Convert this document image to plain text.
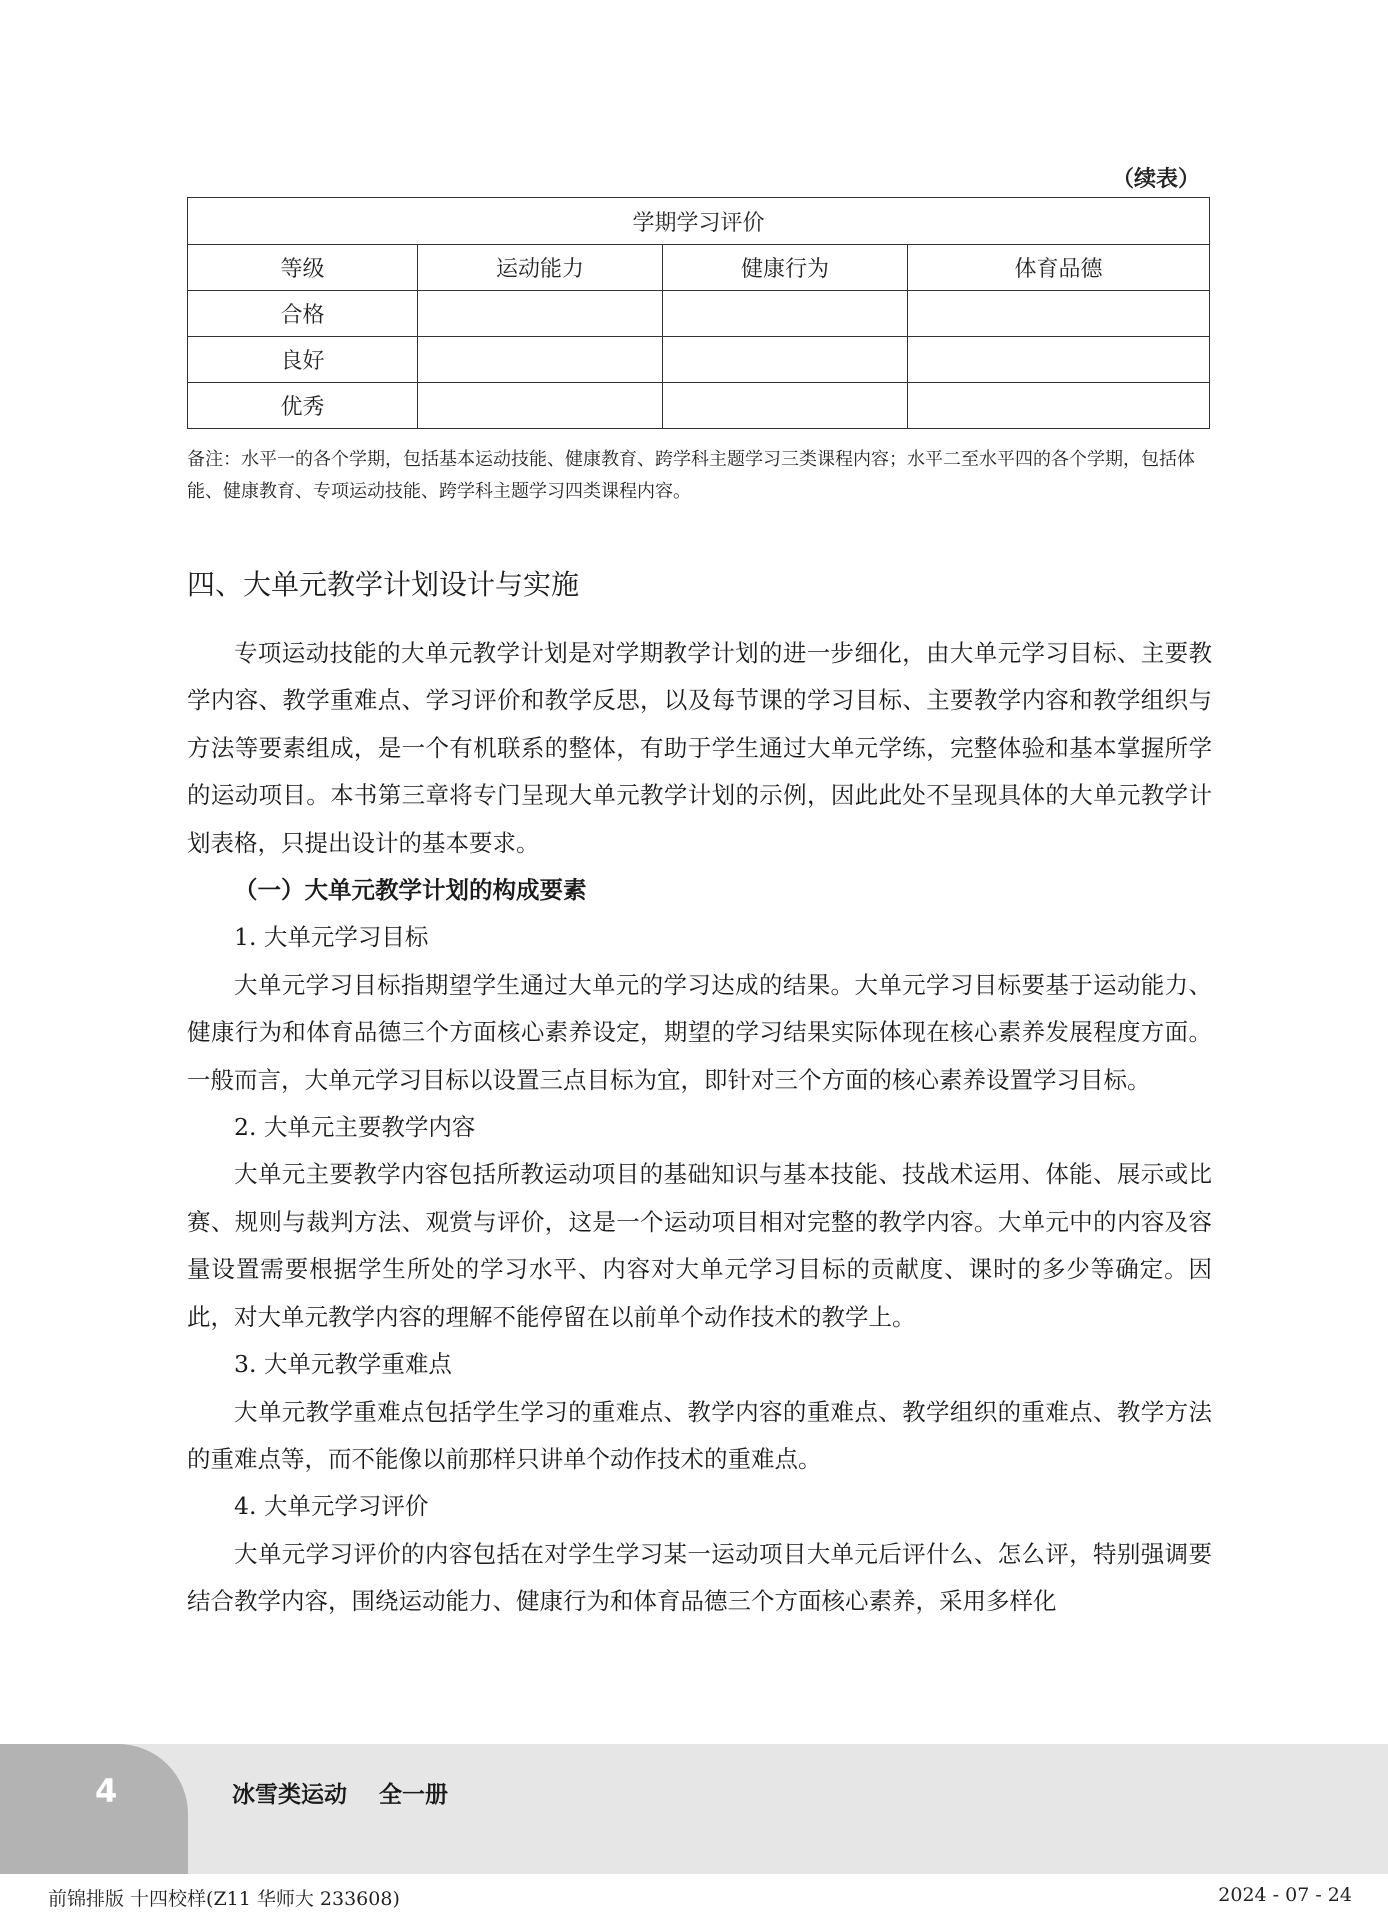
（续表）
学期学习评价			
等级	运动能力	健康行为	体育品德
合格			
良好			
优秀			
备注：水平一的各个学期，包括基本运动技能、健康教育、跨学科主题学习三类课程内容；水平二至水平四的各个学期，包括体能、健康教育、专项运动技能、跨学科主题学习四类课程内容。
四、大单元教学计划设计与实施

专项运动技能的大单元教学计划是对学期教学计划的进一步细化，由大单元学习目标、主要教学内容、教学重难点、学习评价和教学反思，以及每节课的学习目标、主要教学内容和教学组织与方法等要素组成，是一个有机联系的整体，有助于学生通过大单元学练，完整体验和基本掌握所学的运动项目。本书第三章将专门呈现大单元教学计划的示例，因此此处不呈现具体的大单元教学计划表格，只提出设计的基本要求。

（一）大单元教学计划的构成要素

1. 大单元学习目标

大单元学习目标指期望学生通过大单元的学习达成的结果。大单元学习目标要基于运动能力、健康行为和体育品德三个方面核心素养设定，期望的学习结果实际体现在核心素养发展程度方面。一般而言，大单元学习目标以设置三点目标为宜，即针对三个方面的核心素养设置学习目标。

2. 大单元主要教学内容

大单元主要教学内容包括所教运动项目的基础知识与基本技能、技战术运用、体能、展示或比赛、规则与裁判方法、观赏与评价，这是一个运动项目相对完整的教学内容。大单元中的内容及容量设置需要根据学生所处的学习水平、内容对大单元学习目标的贡献度、课时的多少等确定。因此，对大单元教学内容的理解不能停留在以前单个动作技术的教学上。

3. 大单元教学重难点

大单元教学重难点包括学生学习的重难点、教学内容的重难点、教学组织的重难点、教学方法的重难点等，而不能像以前那样只讲单个动作技术的重难点。

4. 大单元学习评价

大单元学习评价的内容包括在对学生学习某一运动项目大单元后评什么、怎么评，特别强调要结合教学内容，围绕运动能力、健康行为和体育品德三个方面核心素养，采用多样化

4	冰雪类运动    全一册
前锦排版 十四校样(Z11 华师大 233608)	2024 - 07 - 24
